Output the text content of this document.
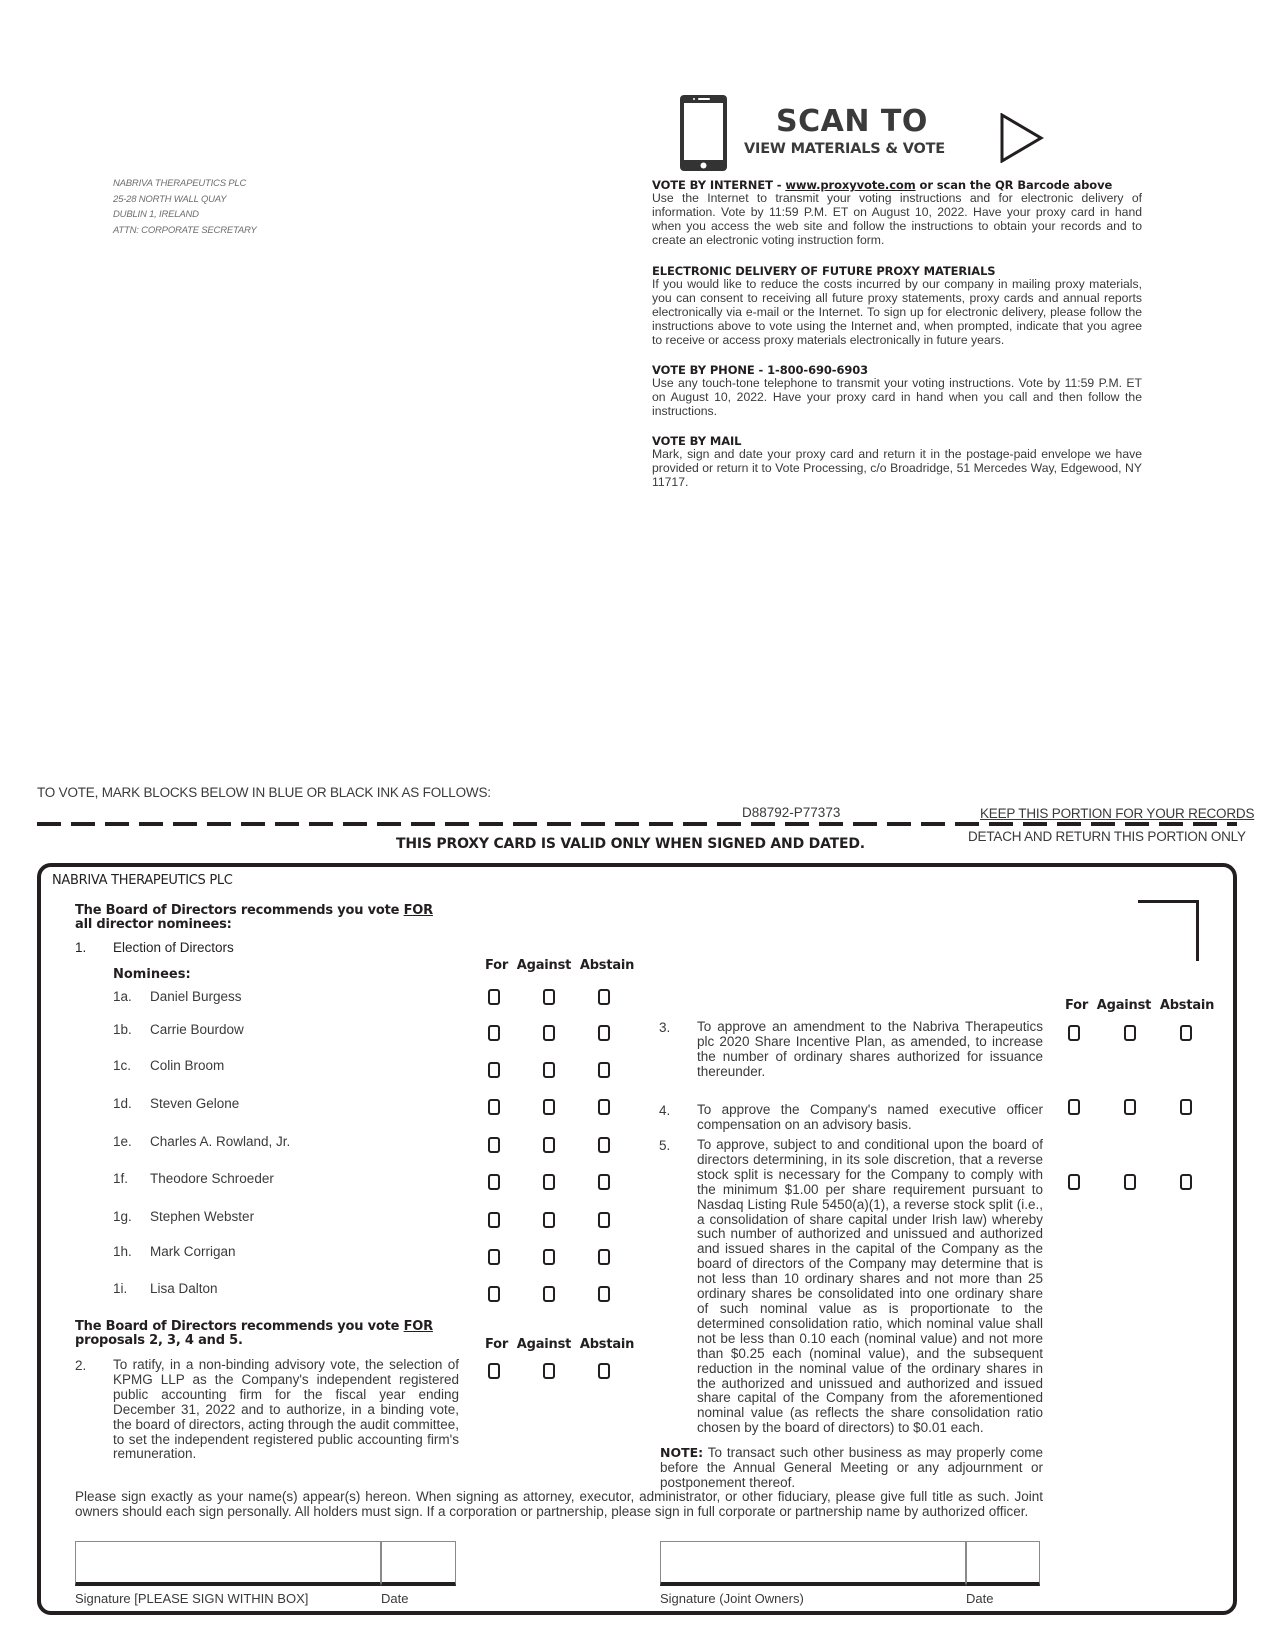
NABRIVA THERAPEUTICS PLC
25-28 NORTH WALL QUAY
DUBLIN 1, IRELAND
ATTN: CORPORATE SECRETARY
SCAN TO
VIEW MATERIALS & VOTE
VOTE BY INTERNET - www.proxyvote.com or scan the QR Barcode above

Use the Internet to transmit your voting instructions and for electronic delivery of information. Vote by 11:59 P.M. ET on August 10, 2022. Have your proxy card in hand when you access the web site and follow the instructions to obtain your records and to create an electronic voting instruction form.

ELECTRONIC DELIVERY OF FUTURE PROXY MATERIALS

If you would like to reduce the costs incurred by our company in mailing proxy materials, you can consent to receiving all future proxy statements, proxy cards and annual reports electronically via e-mail or the Internet. To sign up for electronic delivery, please follow the instructions above to vote using the Internet and, when prompted, indicate that you agree to receive or access proxy materials electronically in future years.

VOTE BY PHONE - 1-800-690-6903

Use any touch-tone telephone to transmit your voting instructions. Vote by 11:59 P.M. ET on August 10, 2022. Have your proxy card in hand when you call and then follow the instructions.

VOTE BY MAIL

Mark, sign and date your proxy card and return it in the postage-paid envelope we have provided or return it to Vote Processing, c/o Broadridge, 51 Mercedes Way, Edgewood, NY 11717.

TO VOTE, MARK BLOCKS BELOW IN BLUE OR BLACK INK AS FOLLOWS:
D88792-P77373	KEEP THIS PORTION FOR YOUR RECORDS
DETACH AND RETURN THIS PORTION ONLY
THIS PROXY CARD IS VALID ONLY WHEN SIGNED AND DATED.
NABRIVA THERAPEUTICS PLC
The Board of Directors recommends you vote FOR
all director nominees:
1. Election of Directors
Nominees:
For Against Abstain
1a. Daniel Burgess
1b. Carrie Bourdow
1c. Colin Broom
1d. Steven Gelone
1e. Charles A. Rowland, Jr.
1f. Theodore Schroeder
1g. Stephen Webster
1h. Mark Corrigan
1i. Lisa Dalton
The Board of Directors recommends you vote FOR
proposals 2, 3, 4 and 5.	For Against Abstain
2. To ratify, in a non-binding advisory vote, the selection of KPMG LLP as the Company's independent registered public accounting firm for the fiscal year ending December 31, 2022 and to authorize, in a binding vote, the board of directors, acting through the audit committee, to set the independent registered public accounting firm's remuneration.
For Against Abstain
3. To approve an amendment to the Nabriva Therapeutics plc 2020 Share Incentive Plan, as amended, to increase the number of ordinary shares authorized for issuance thereunder.
4. To approve the Company's named executive officer compensation on an advisory basis.
5. To approve, subject to and conditional upon the board of directors determining, in its sole discretion, that a reverse stock split is necessary for the Company to comply with the minimum $1.00 per share requirement pursuant to Nasdaq Listing Rule 5450(a)(1), a reverse stock split (i.e., a consolidation of share capital under Irish law) whereby such number of authorized and unissued and authorized and issued shares in the capital of the Company as the board of directors of the Company may determine that is not less than 10 ordinary shares and not more than 25 ordinary shares be consolidated into one ordinary share of such nominal value as is proportionate to the determined consolidation ratio, which nominal value shall not be less than 0.10 each (nominal value) and not more than $0.25 each (nominal value), and the subsequent reduction in the nominal value of the ordinary shares in the authorized and unissued and authorized and issued share capital of the Company from the aforementioned nominal value (as reflects the share consolidation ratio chosen by the board of directors) to $0.01 each.
NOTE: To transact such other business as may properly come before the Annual General Meeting or any adjournment or postponement thereof.
Please sign exactly as your name(s) appear(s) hereon. When signing as attorney, executor, administrator, or other fiduciary, please give full title as such. Joint owners should each sign personally. All holders must sign. If a corporation or partnership, please sign in full corporate or partnership name by authorized officer.
Signature [PLEASE SIGN WITHIN BOX]	Date	Signature (Joint Owners)	Date
